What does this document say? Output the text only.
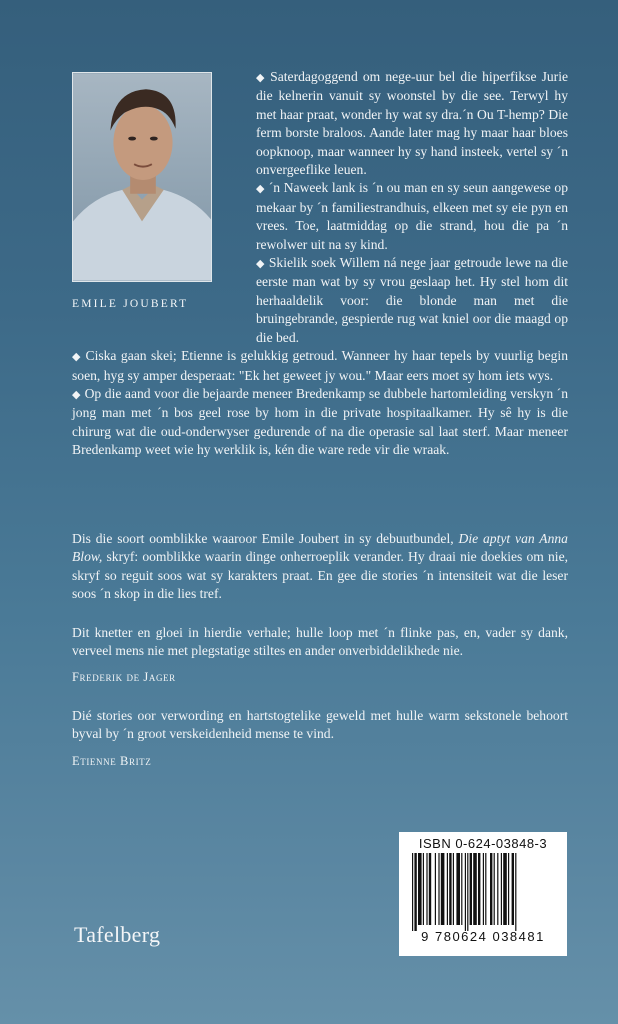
EMILE JOUBERT

◆ Saterdagoggend om nege-uur bel die hiperfikse Jurie die kelnerin vanuit sy woonstel by die see. Terwyl hy met haar praat, wonder hy wat sy dra.´n Ou T-hemp? Die ferm borste braloos. Aande later mag hy maar haar bloes oopknoop, maar wanneer hy sy hand insteek, vertel sy ´n onvergeeflike leuen.

◆ ´n Naweek lank is ´n ou man en sy seun aangewese op mekaar by ´n familiestrandhuis, elkeen met sy eie pyn en vrees. Toe, laatmiddag op die strand, hou die pa ´n rewolwer uit na sy kind.

◆ Skielik soek Willem ná nege jaar getroude lewe na die eerste man wat by sy vrou geslaap het. Hy stel hom dit herhaaldelik voor: die blonde man met die bruingebrande, gespierde rug wat kniel oor die maagd op die bed.

◆ Ciska gaan skei; Etienne is gelukkig getroud. Wanneer hy haar tepels by vuurlig begin soen, hyg sy amper desperaat: "Ek het geweet jy wou." Maar eers moet sy hom iets wys.

◆ Op die aand voor die bejaarde meneer Bredenkamp se dubbele hartomleiding verskyn ´n jong man met ´n bos geel rose by hom in die private hospitaalkamer. Hy sê hy is die chirurg wat die oud-onderwyser gedurende of na die operasie sal laat sterf. Maar meneer Bredenkamp weet wie hy werklik is, kén die ware rede vir die wraak.

Dis die soort oomblikke waaroor Emile Joubert in sy debuutbundel, Die aptyt van Anna Blow, skryf: oomblikke waarin dinge onherroeplik verander. Hy draai nie doekies om nie, skryf so reguit soos wat sy karakters praat. En gee die stories ´n intensiteit wat die leser soos ´n skop in die lies tref.

Dit knetter en gloei in hierdie verhale; hulle loop met ´n flinke pas, en, vader sy dank, verveel mens nie met plegstatige stiltes en ander onverbiddelikhede nie.

Frederik de Jager

Dié stories oor verwording en hartstogtelike geweld met hulle warm sekstonele behoort byval by ´n groot verskeidenheid mense te vind.

Etienne Britz

ISBN 0-624-03848-3
9 780624 038481
Tafelberg
